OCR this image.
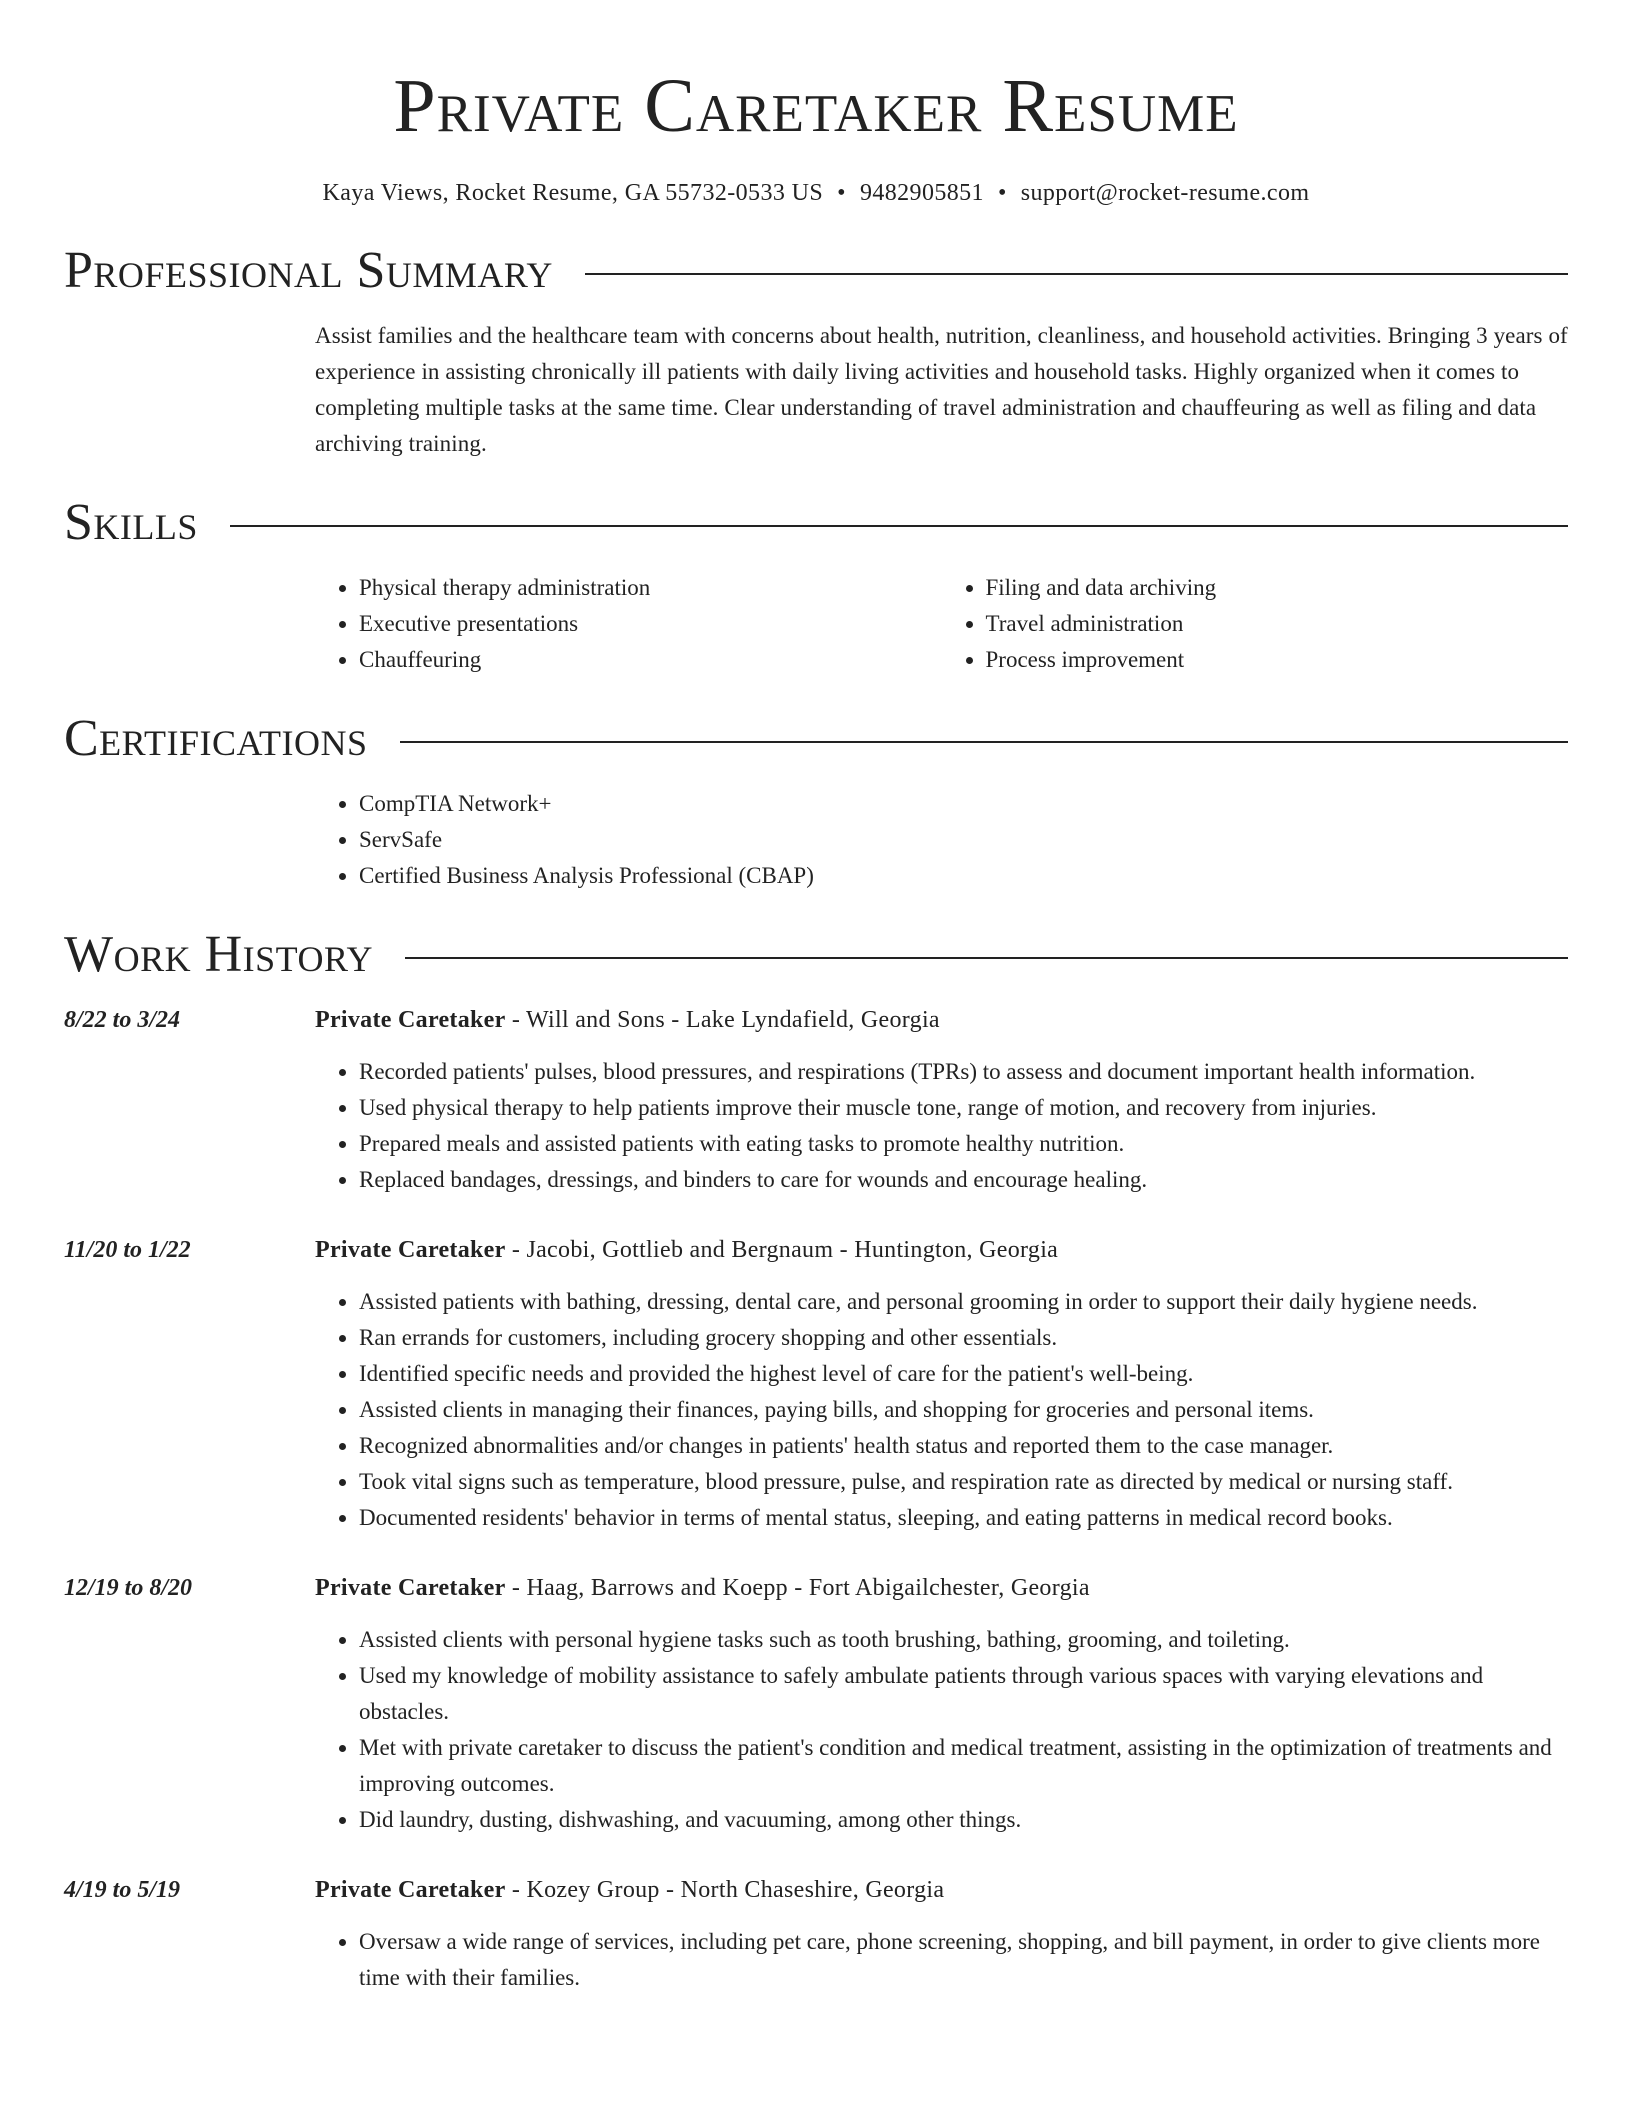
Private Caretaker Resume
Kaya Views, Rocket Resume, GA 55732-0533 US • 9482905851 • support@rocket-resume.com
Professional Summary
Assist families and the healthcare team with concerns about health, nutrition, cleanliness, and household activities. Bringing 3 years of experience in assisting chronically ill patients with daily living activities and household tasks. Highly organized when it comes to completing multiple tasks at the same time. Clear understanding of travel administration and chauffeuring as well as filing and data archiving training.
Skills
• Physical therapy administration
• Executive presentations
• Chauffeuring
• Filing and data archiving
• Travel administration
• Process improvement
Certifications
• CompTIA Network+
• ServSafe
• Certified Business Analysis Professional (CBAP)
Work History
8/22 to 3/24	Private Caretaker - Will and Sons - Lake Lyndafield, Georgia
• Recorded patients' pulses, blood pressures, and respirations (TPRs) to assess and document important health information.
• Used physical therapy to help patients improve their muscle tone, range of motion, and recovery from injuries.
• Prepared meals and assisted patients with eating tasks to promote healthy nutrition.
• Replaced bandages, dressings, and binders to care for wounds and encourage healing.
11/20 to 1/22	Private Caretaker - Jacobi, Gottlieb and Bergnaum - Huntington, Georgia
• Assisted patients with bathing, dressing, dental care, and personal grooming in order to support their daily hygiene needs.
• Ran errands for customers, including grocery shopping and other essentials.
• Identified specific needs and provided the highest level of care for the patient's well-being.
• Assisted clients in managing their finances, paying bills, and shopping for groceries and personal items.
• Recognized abnormalities and/or changes in patients' health status and reported them to the case manager.
• Took vital signs such as temperature, blood pressure, pulse, and respiration rate as directed by medical or nursing staff.
• Documented residents' behavior in terms of mental status, sleeping, and eating patterns in medical record books.
12/19 to 8/20	Private Caretaker - Haag, Barrows and Koepp - Fort Abigailchester, Georgia
• Assisted clients with personal hygiene tasks such as tooth brushing, bathing, grooming, and toileting.
• Used my knowledge of mobility assistance to safely ambulate patients through various spaces with varying elevations and obstacles.
• Met with private caretaker to discuss the patient's condition and medical treatment, assisting in the optimization of treatments and improving outcomes.
• Did laundry, dusting, dishwashing, and vacuuming, among other things.
4/19 to 5/19	Private Caretaker - Kozey Group - North Chaseshire, Georgia
• Oversaw a wide range of services, including pet care, phone screening, shopping, and bill payment, in order to give clients more time with their families.
